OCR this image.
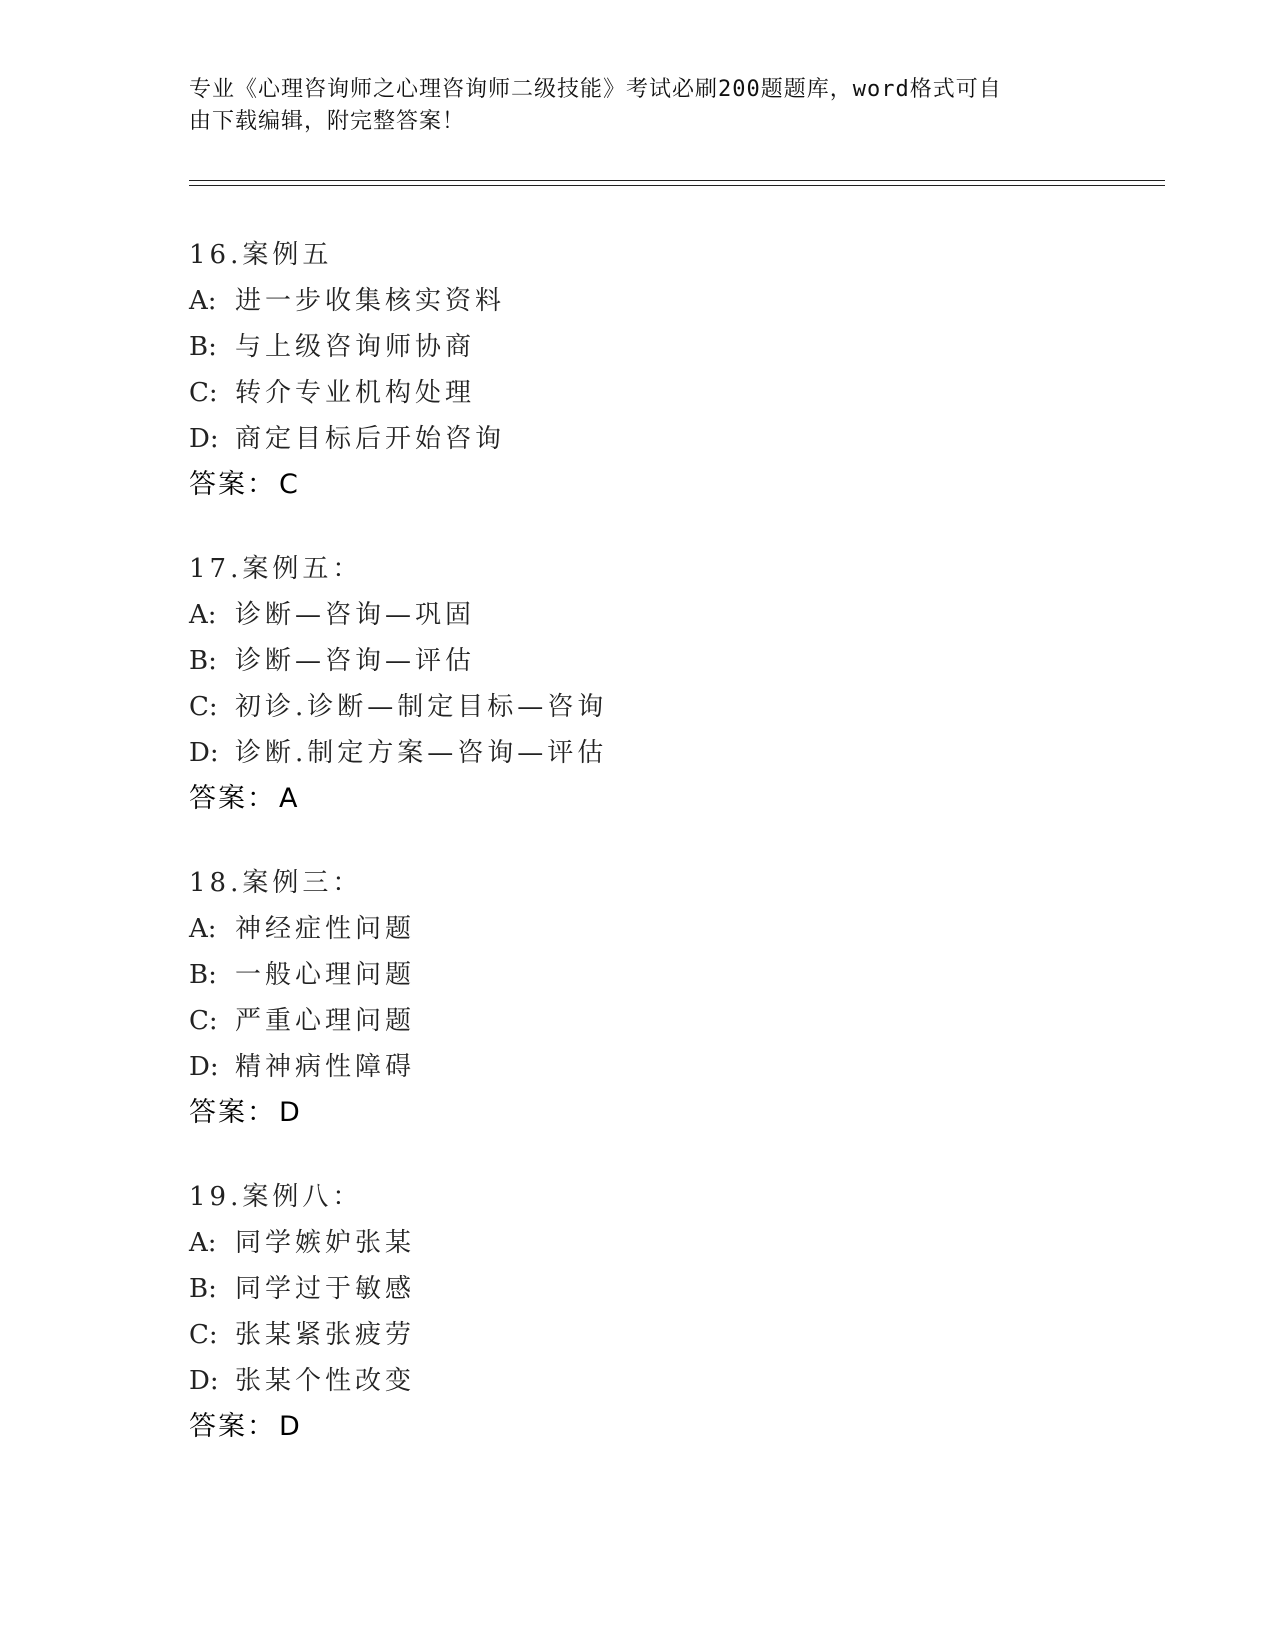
专业《心理咨询师之心理咨询师二级技能》考试必刷200题题库，word格式可自
由下载编辑，附完整答案！
16.案例五
A: 进一步收集核实资料
B: 与上级咨询师协商
C: 转介专业机构处理
D: 商定目标后开始咨询
答案： C
17.案例五：
A: 诊断—咨询—巩固
B: 诊断—咨询—评估
C: 初诊.诊断—制定目标—咨询
D: 诊断.制定方案—咨询—评估
答案： A
18.案例三：
A: 神经症性问题
B: 一般心理问题
C: 严重心理问题
D: 精神病性障碍
答案： D
19.案例八：
A: 同学嫉妒张某
B: 同学过于敏感
C: 张某紧张疲劳
D: 张某个性改变
答案： D
